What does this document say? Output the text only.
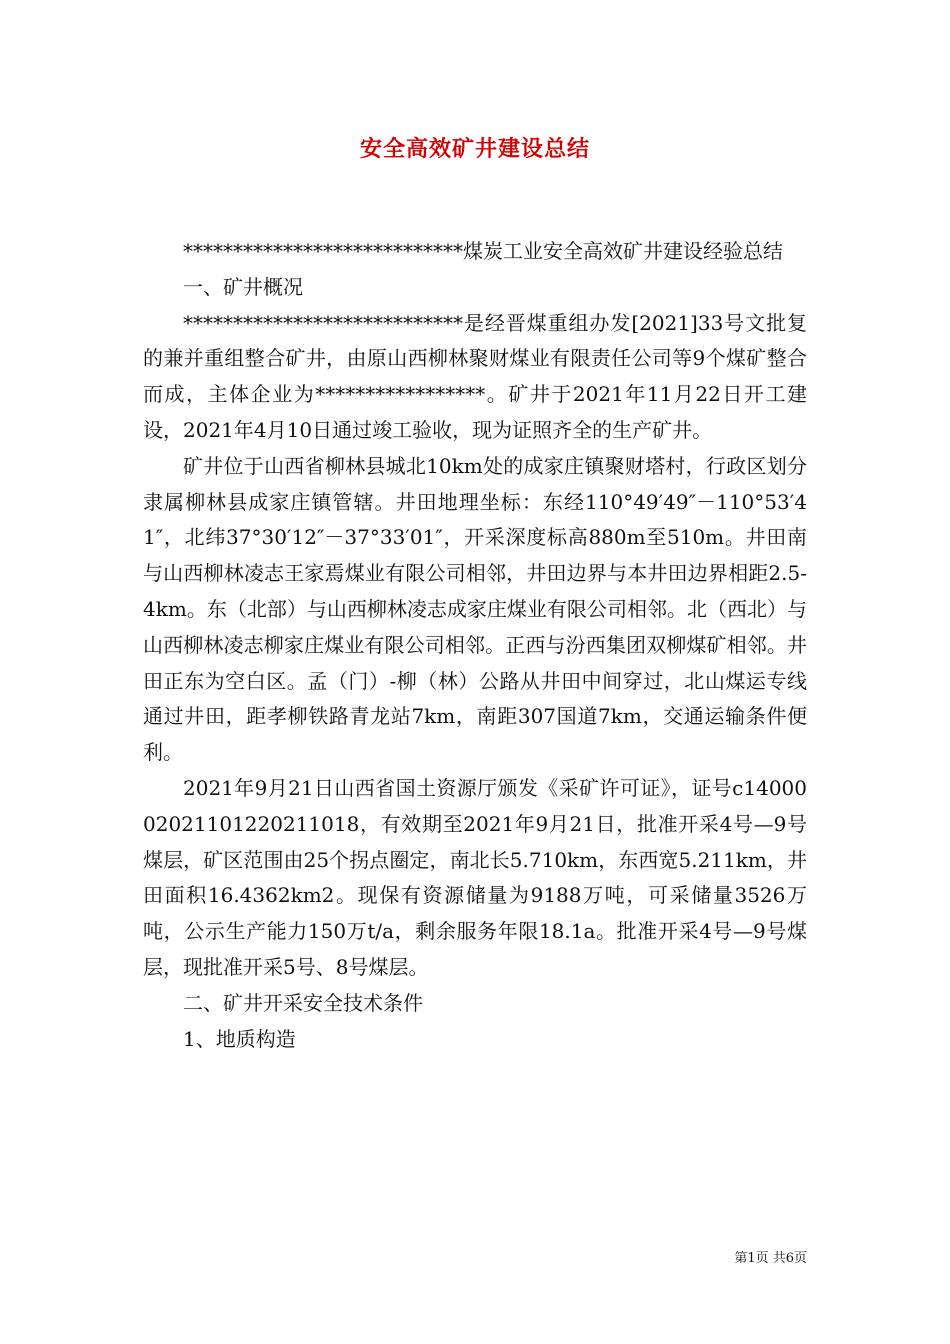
安全高效矿井建设总结

****************************煤炭工业安全高效矿井建设经验总结

一、矿井概况

****************************是经晋煤重组办发[2021]33号文批复的兼并重组整合矿井，由原山西柳林聚财煤业有限责任公司等9个煤矿整合而成，主体企业为*****************。矿井于2021年11月22日开工建设，2021年4月10日通过竣工验收，现为证照齐全的生产矿井。

矿井位于山西省柳林县城北10km处的成家庄镇聚财塔村，行政区划分隶属柳林县成家庄镇管辖。井田地理坐标：东经110°49′49″－110°53′41″，北纬37°30′12″－37°33′01″，开采深度标高880m至510m。井田南与山西柳林凌志王家焉煤业有限公司相邻，井田边界与本井田边界相距2.5-4km。东（北部）与山西柳林凌志成家庄煤业有限公司相邻。北（西北）与山西柳林凌志柳家庄煤业有限公司相邻。正西与汾西集团双柳煤矿相邻。井田正东为空白区。孟（门）-柳（林）公路从井田中间穿过，北山煤运专线通过井田，距孝柳铁路青龙站7km，南距307国道7km，交通运输条件便利。

2021年9月21日山西省国土资源厅颁发《采矿许可证》，证号c1400002021101220211018，有效期至2021年9月21日，批准开采4号—9号煤层，矿区范围由25个拐点圈定，南北长5.710km，东西宽5.211km，井田面积16.4362km2。现保有资源储量为9188万吨，可采储量3526万吨，公示生产能力150万t/a，剩余服务年限18.1a。批准开采4号—9号煤层，现批准开采5号、8号煤层。

二、矿井开采安全技术条件

1、地质构造

第1页 共6页
